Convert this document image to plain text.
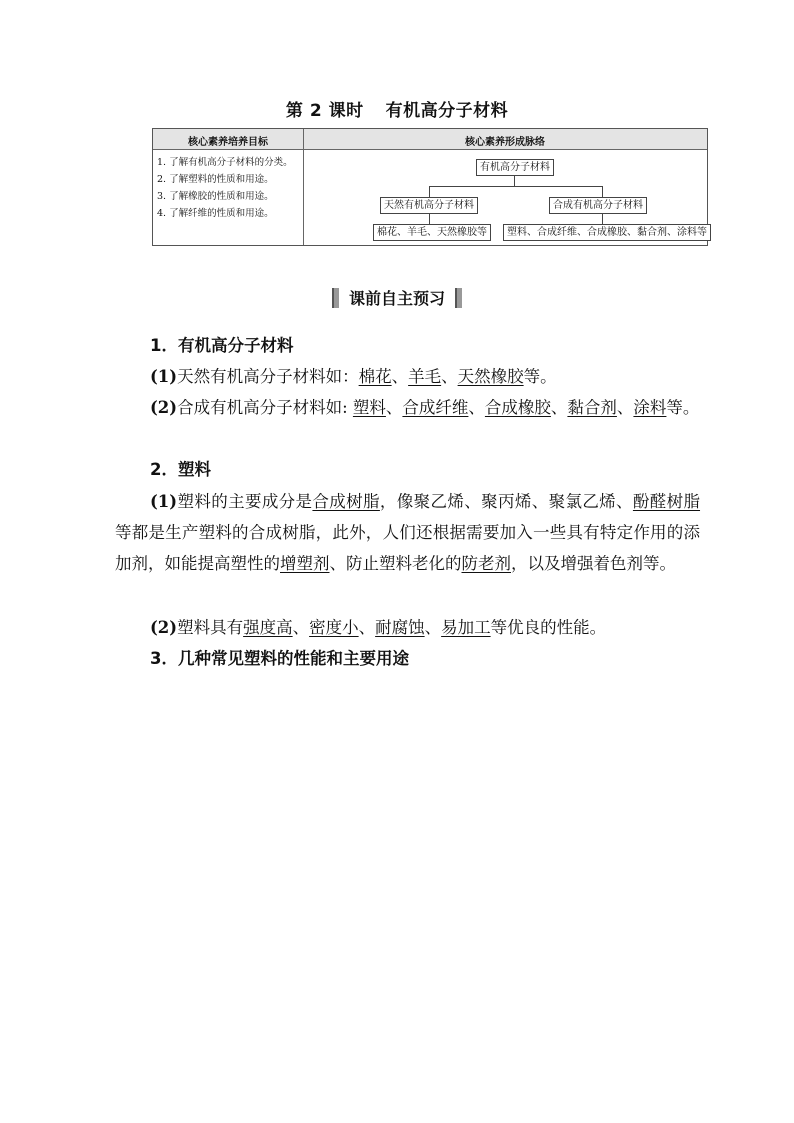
第 2 课时 有机高分子材料
核心素养培养目标	核心素养形成脉络
1. 了解有机高分子材料的分类。
2. 了解塑料的性质和用途。
3. 了解橡胶的性质和用途。
4. 了解纤维的性质和用途。
有机高分子材料
天然有机高分子材料	合成有机高分子材料
棉花、羊毛、天然橡胶等	塑料、合成纤维、合成橡胶、黏合剂、涂料等
课前自主预习
1．有机高分子材料
(1)天然有机高分子材料如：棉花、羊毛、天然橡胶等。
(2)合成有机高分子材料如: 塑料、合成纤维、合成橡胶、黏合剂、涂料等。
2．塑料
(1)塑料的主要成分是合成树脂，像聚乙烯、聚丙烯、聚氯乙烯、酚醛树脂等都是生产塑料的合成树脂，此外，人们还根据需要加入一些具有特定作用的添加剂，如能提高塑性的增塑剂、防止塑料老化的防老剂，以及增强着色剂等。
(2)塑料具有强度高、密度小、耐腐蚀、易加工等优良的性能。
3．几种常见塑料的性能和主要用途
